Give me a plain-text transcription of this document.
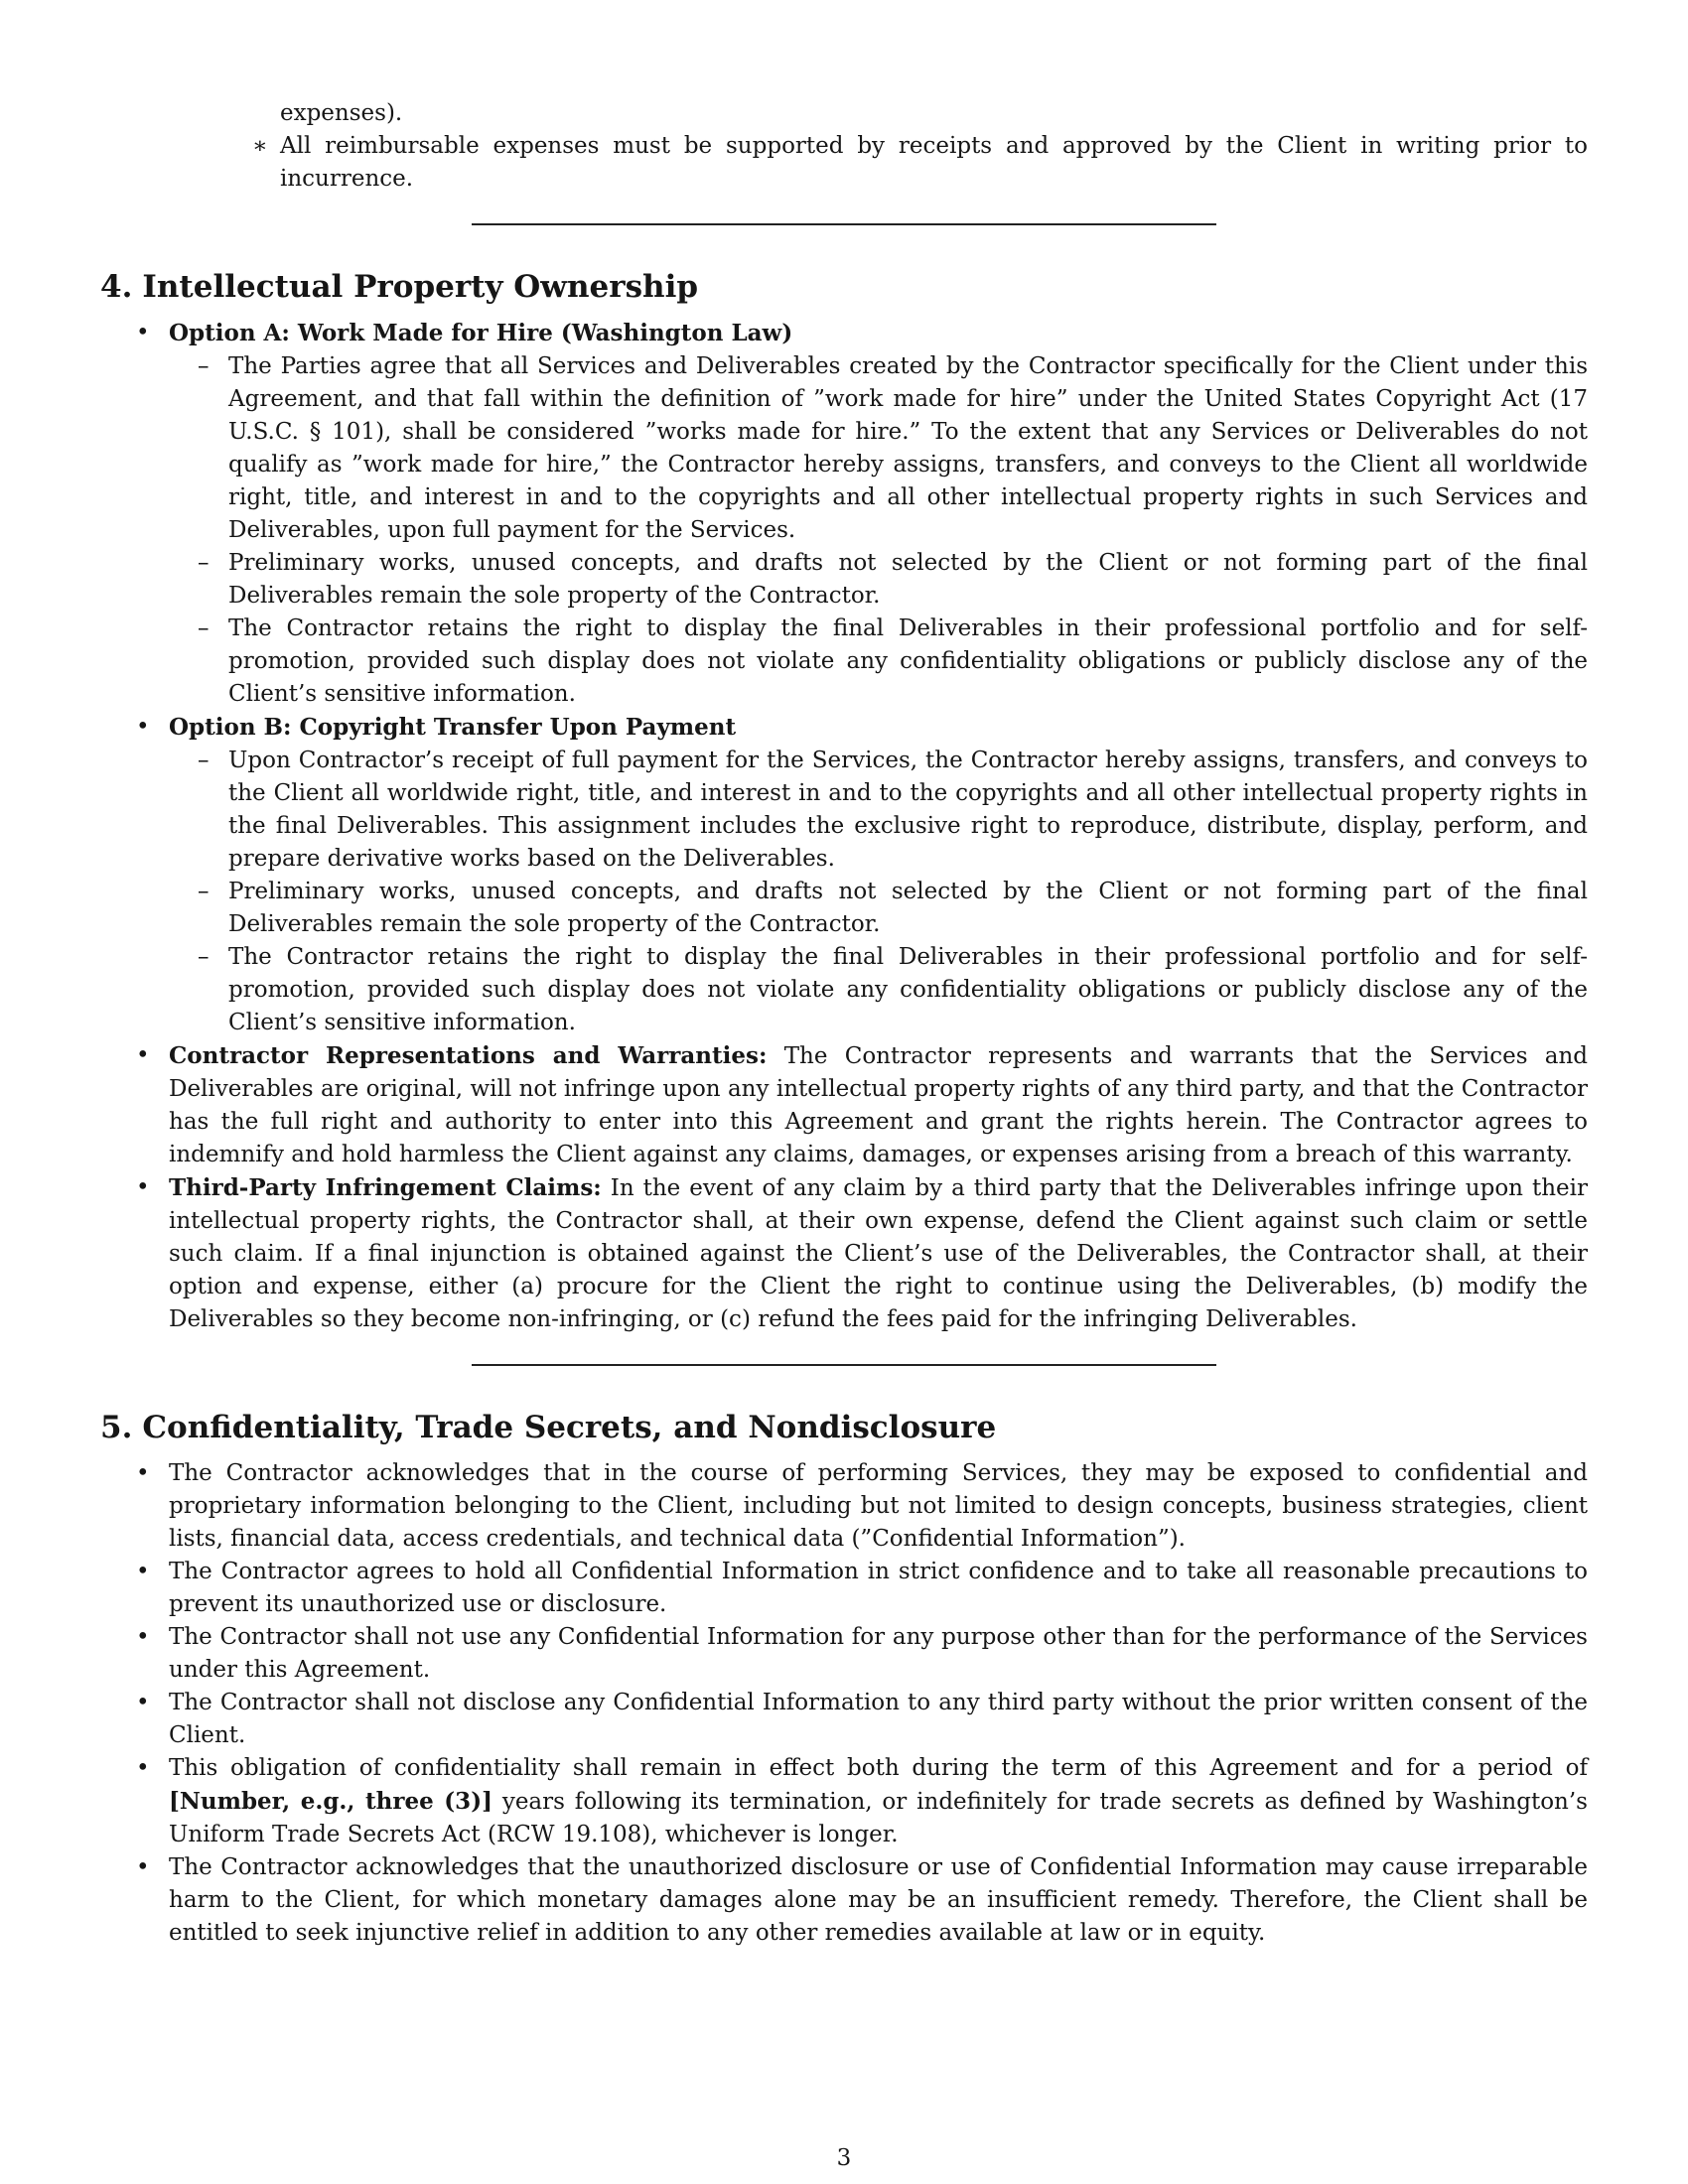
expenses).
∗ All reimbursable expenses must be supported by receipts and approved by the Client in writing prior to incurrence.
4. Intellectual Property Ownership
• Option A: Work Made for Hire (Washington Law)
– The Parties agree that all Services and Deliverables created by the Contractor specifically for the Client under this Agreement, and that fall within the definition of ”work made for hire” under the United States Copyright Act (17 U.S.C. § 101), shall be considered ”works made for hire.” To the extent that any Services or Deliverables do not qualify as ”work made for hire,” the Contractor hereby assigns, transfers, and conveys to the Client all worldwide right, title, and interest in and to the copyrights and all other intellectual property rights in such Services and Deliverables, upon full payment for the Services.
– Preliminary works, unused concepts, and drafts not selected by the Client or not forming part of the final Deliverables remain the sole property of the Contractor.
– The Contractor retains the right to display the final Deliverables in their professional portfolio and for self-promotion, provided such display does not violate any confidentiality obligations or publicly disclose any of the Client’s sensitive information.
• Option B: Copyright Transfer Upon Payment
– Upon Contractor’s receipt of full payment for the Services, the Contractor hereby assigns, transfers, and conveys to the Client all worldwide right, title, and interest in and to the copyrights and all other intellectual property rights in the final Deliverables. This assignment includes the exclusive right to reproduce, distribute, display, perform, and prepare derivative works based on the Deliverables.
– Preliminary works, unused concepts, and drafts not selected by the Client or not forming part of the final Deliverables remain the sole property of the Contractor.
– The Contractor retains the right to display the final Deliverables in their professional portfolio and for self-promotion, provided such display does not violate any confidentiality obligations or publicly disclose any of the Client’s sensitive information.
• Contractor Representations and Warranties: The Contractor represents and warrants that the Services and Deliverables are original, will not infringe upon any intellectual property rights of any third party, and that the Contractor has the full right and authority to enter into this Agreement and grant the rights herein. The Contractor agrees to indemnify and hold harmless the Client against any claims, damages, or expenses arising from a breach of this warranty.
• Third-Party Infringement Claims: In the event of any claim by a third party that the Deliverables infringe upon their intellectual property rights, the Contractor shall, at their own expense, defend the Client against such claim or settle such claim. If a final injunction is obtained against the Client’s use of the Deliverables, the Contractor shall, at their option and expense, either (a) procure for the Client the right to continue using the Deliverables, (b) modify the Deliverables so they become non-infringing, or (c) refund the fees paid for the infringing Deliverables.
5. Confidentiality, Trade Secrets, and Nondisclosure
• The Contractor acknowledges that in the course of performing Services, they may be exposed to confidential and proprietary information belonging to the Client, including but not limited to design concepts, business strategies, client lists, financial data, access credentials, and technical data (”Confidential Information”).
• The Contractor agrees to hold all Confidential Information in strict confidence and to take all reasonable precautions to prevent its unauthorized use or disclosure.
• The Contractor shall not use any Confidential Information for any purpose other than for the performance of the Services under this Agreement.
• The Contractor shall not disclose any Confidential Information to any third party without the prior written consent of the Client.
• This obligation of confidentiality shall remain in effect both during the term of this Agreement and for a period of [Number, e.g., three (3)] years following its termination, or indefinitely for trade secrets as defined by Washington’s Uniform Trade Secrets Act (RCW 19.108), whichever is longer.
• The Contractor acknowledges that the unauthorized disclosure or use of Confidential Information may cause irreparable harm to the Client, for which monetary damages alone may be an insufficient remedy. Therefore, the Client shall be entitled to seek injunctive relief in addition to any other remedies available at law or in equity.
3
